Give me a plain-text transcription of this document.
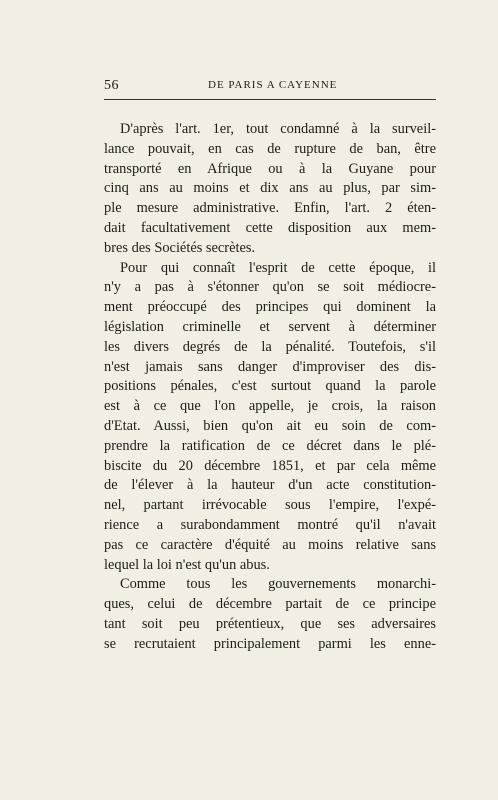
56	DE PARIS A CAYENNE
D'après l'art. 1er, tout condamné à la surveil-
lance pouvait, en cas de rupture de ban, être
transporté en Afrique ou à la Guyane pour
cinq ans au moins et dix ans au plus, par sim-
ple mesure administrative. Enfin, l'art. 2 éten-
dait facultativement cette disposition aux mem-
bres des Sociétés secrètes.
Pour qui connaît l'esprit de cette époque, il
n'y a pas à s'étonner qu'on se soit médiocre-
ment préoccupé des principes qui dominent la
législation criminelle et servent à déterminer
les divers degrés de la pénalité. Toutefois, s'il
n'est jamais sans danger d'improviser des dis-
positions pénales, c'est surtout quand la parole
est à ce que l'on appelle, je crois, la raison
d'Etat. Aussi, bien qu'on ait eu soin de com-
prendre la ratification de ce décret dans le plé-
biscite du 20 décembre 1851, et par cela même
de l'élever à la hauteur d'un acte constitution-
nel, partant irrévocable sous l'empire, l'expé-
rience a surabondamment montré qu'il n'avait
pas ce caractère d'équité au moins relative sans
lequel la loi n'est qu'un abus.
Comme tous les gouvernements monarchi-
ques, celui de décembre partait de ce principe
tant soit peu prétentieux, que ses adversaires
se recrutaient principalement parmi les enne-
